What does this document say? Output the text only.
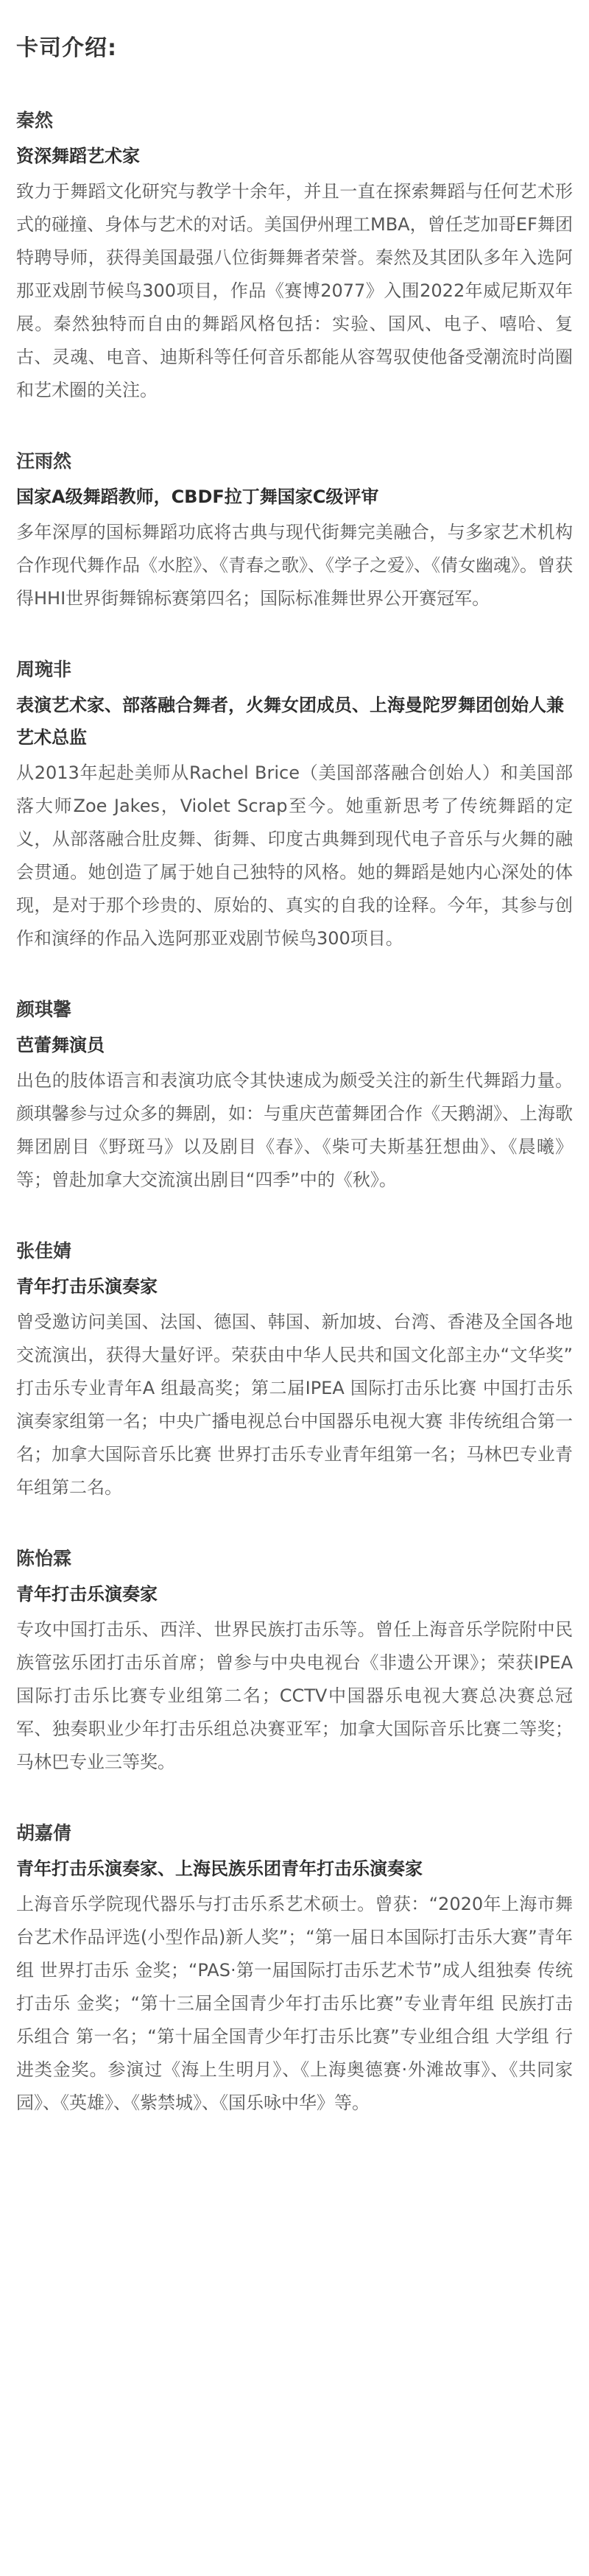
卡司介绍:
秦然
资深舞蹈艺术家

致力于舞蹈文化研究与教学十余年，并且一直在探索舞蹈与任何艺术形式的碰撞、身体与艺术的对话。美国伊州理工MBA，曾任芝加哥EF舞团特聘导师，获得美国最强八位街舞舞者荣誉。秦然及其团队多年入选阿那亚戏剧节候鸟300项目，作品《赛博2077》入围2022年威尼斯双年展。秦然独特而自由的舞蹈风格包括：实验、国风、电子、嘻哈、复古、灵魂、电音、迪斯科等任何音乐都能从容驾驭使他备受潮流时尚圈和艺术圈的关注。

汪雨然
国家A级舞蹈教师，CBDF拉丁舞国家C级评审

多年深厚的国标舞蹈功底将古典与现代街舞完美融合，与多家艺术机构合作现代舞作品《水腔》、《青春之歌》、《学子之爱》、《倩女幽魂》。曾获得HHI世界街舞锦标赛第四名；国际标准舞世界公开赛冠军。

周琬非
表演艺术家、部落融合舞者，火舞女团成员、上海曼陀罗舞团创始人兼艺术总监

从2013年起赴美师从Rachel Brice（美国部落融合创始人）和美国部落大师Zoe Jakes，Violet Scrap至今。她重新思考了传统舞蹈的定义，从部落融合肚皮舞、街舞、印度古典舞到现代电子音乐与火舞的融会贯通。她创造了属于她自己独特的风格。她的舞蹈是她内心深处的体现，是对于那个珍贵的、原始的、真实的自我的诠释。今年，其参与创作和演绎的作品入选阿那亚戏剧节候鸟300项目。

颜琪馨
芭蕾舞演员

出色的肢体语言和表演功底令其快速成为颇受关注的新生代舞蹈力量。颜琪馨参与过众多的舞剧，如：与重庆芭蕾舞团合作《天鹅湖》、上海歌舞团剧目《野斑马》以及剧目《春》、《柴可夫斯基狂想曲》、《晨曦》等；曾赴加拿大交流演出剧目“四季”中的《秋》。

张佳婧
青年打击乐演奏家

曾受邀访问美国、法国、德国、韩国、新加坡、台湾、香港及全国各地交流演出，获得大量好评。荣获由中华人民共和国文化部主办“文华奖” 打击乐专业青年A 组最高奖；第二届IPEA 国际打击乐比赛 中国打击乐演奏家组第一名；中央广播电视总台中国器乐电视大赛 非传统组合第一名；加拿大国际音乐比赛 世界打击乐专业青年组第一名；马林巴专业青年组第二名。

陈怡霖
青年打击乐演奏家

专攻中国打击乐、西洋、世界民族打击乐等。曾任上海音乐学院附中民族管弦乐团打击乐首席；曾参与中央电视台《非遗公开课》；荣获IPEA国际打击乐比赛专业组第二名；CCTV中国器乐电视大赛总决赛总冠军、独奏职业少年打击乐组总决赛亚军；加拿大国际音乐比赛二等奖；马林巴专业三等奖。

胡嘉倩
青年打击乐演奏家、上海民族乐团青年打击乐演奏家

上海音乐学院现代器乐与打击乐系艺术硕士。曾获：“2020年上海市舞台艺术作品评选(小型作品)新人奖”；“第一届日本国际打击乐大赛”青年组 世界打击乐 金奖；“PAS·第一届国际打击乐艺术节”成人组独奏 传统打击乐 金奖；“第十三届全国青少年打击乐比赛”专业青年组 民族打击乐组合 第一名；“第十届全国青少年打击乐比赛”专业组合组 大学组 行进类金奖。参演过《海上生明月》、《上海奥德赛·外滩故事》、《共同家园》、《英雄》、《紫禁城》、《国乐咏中华》等。
